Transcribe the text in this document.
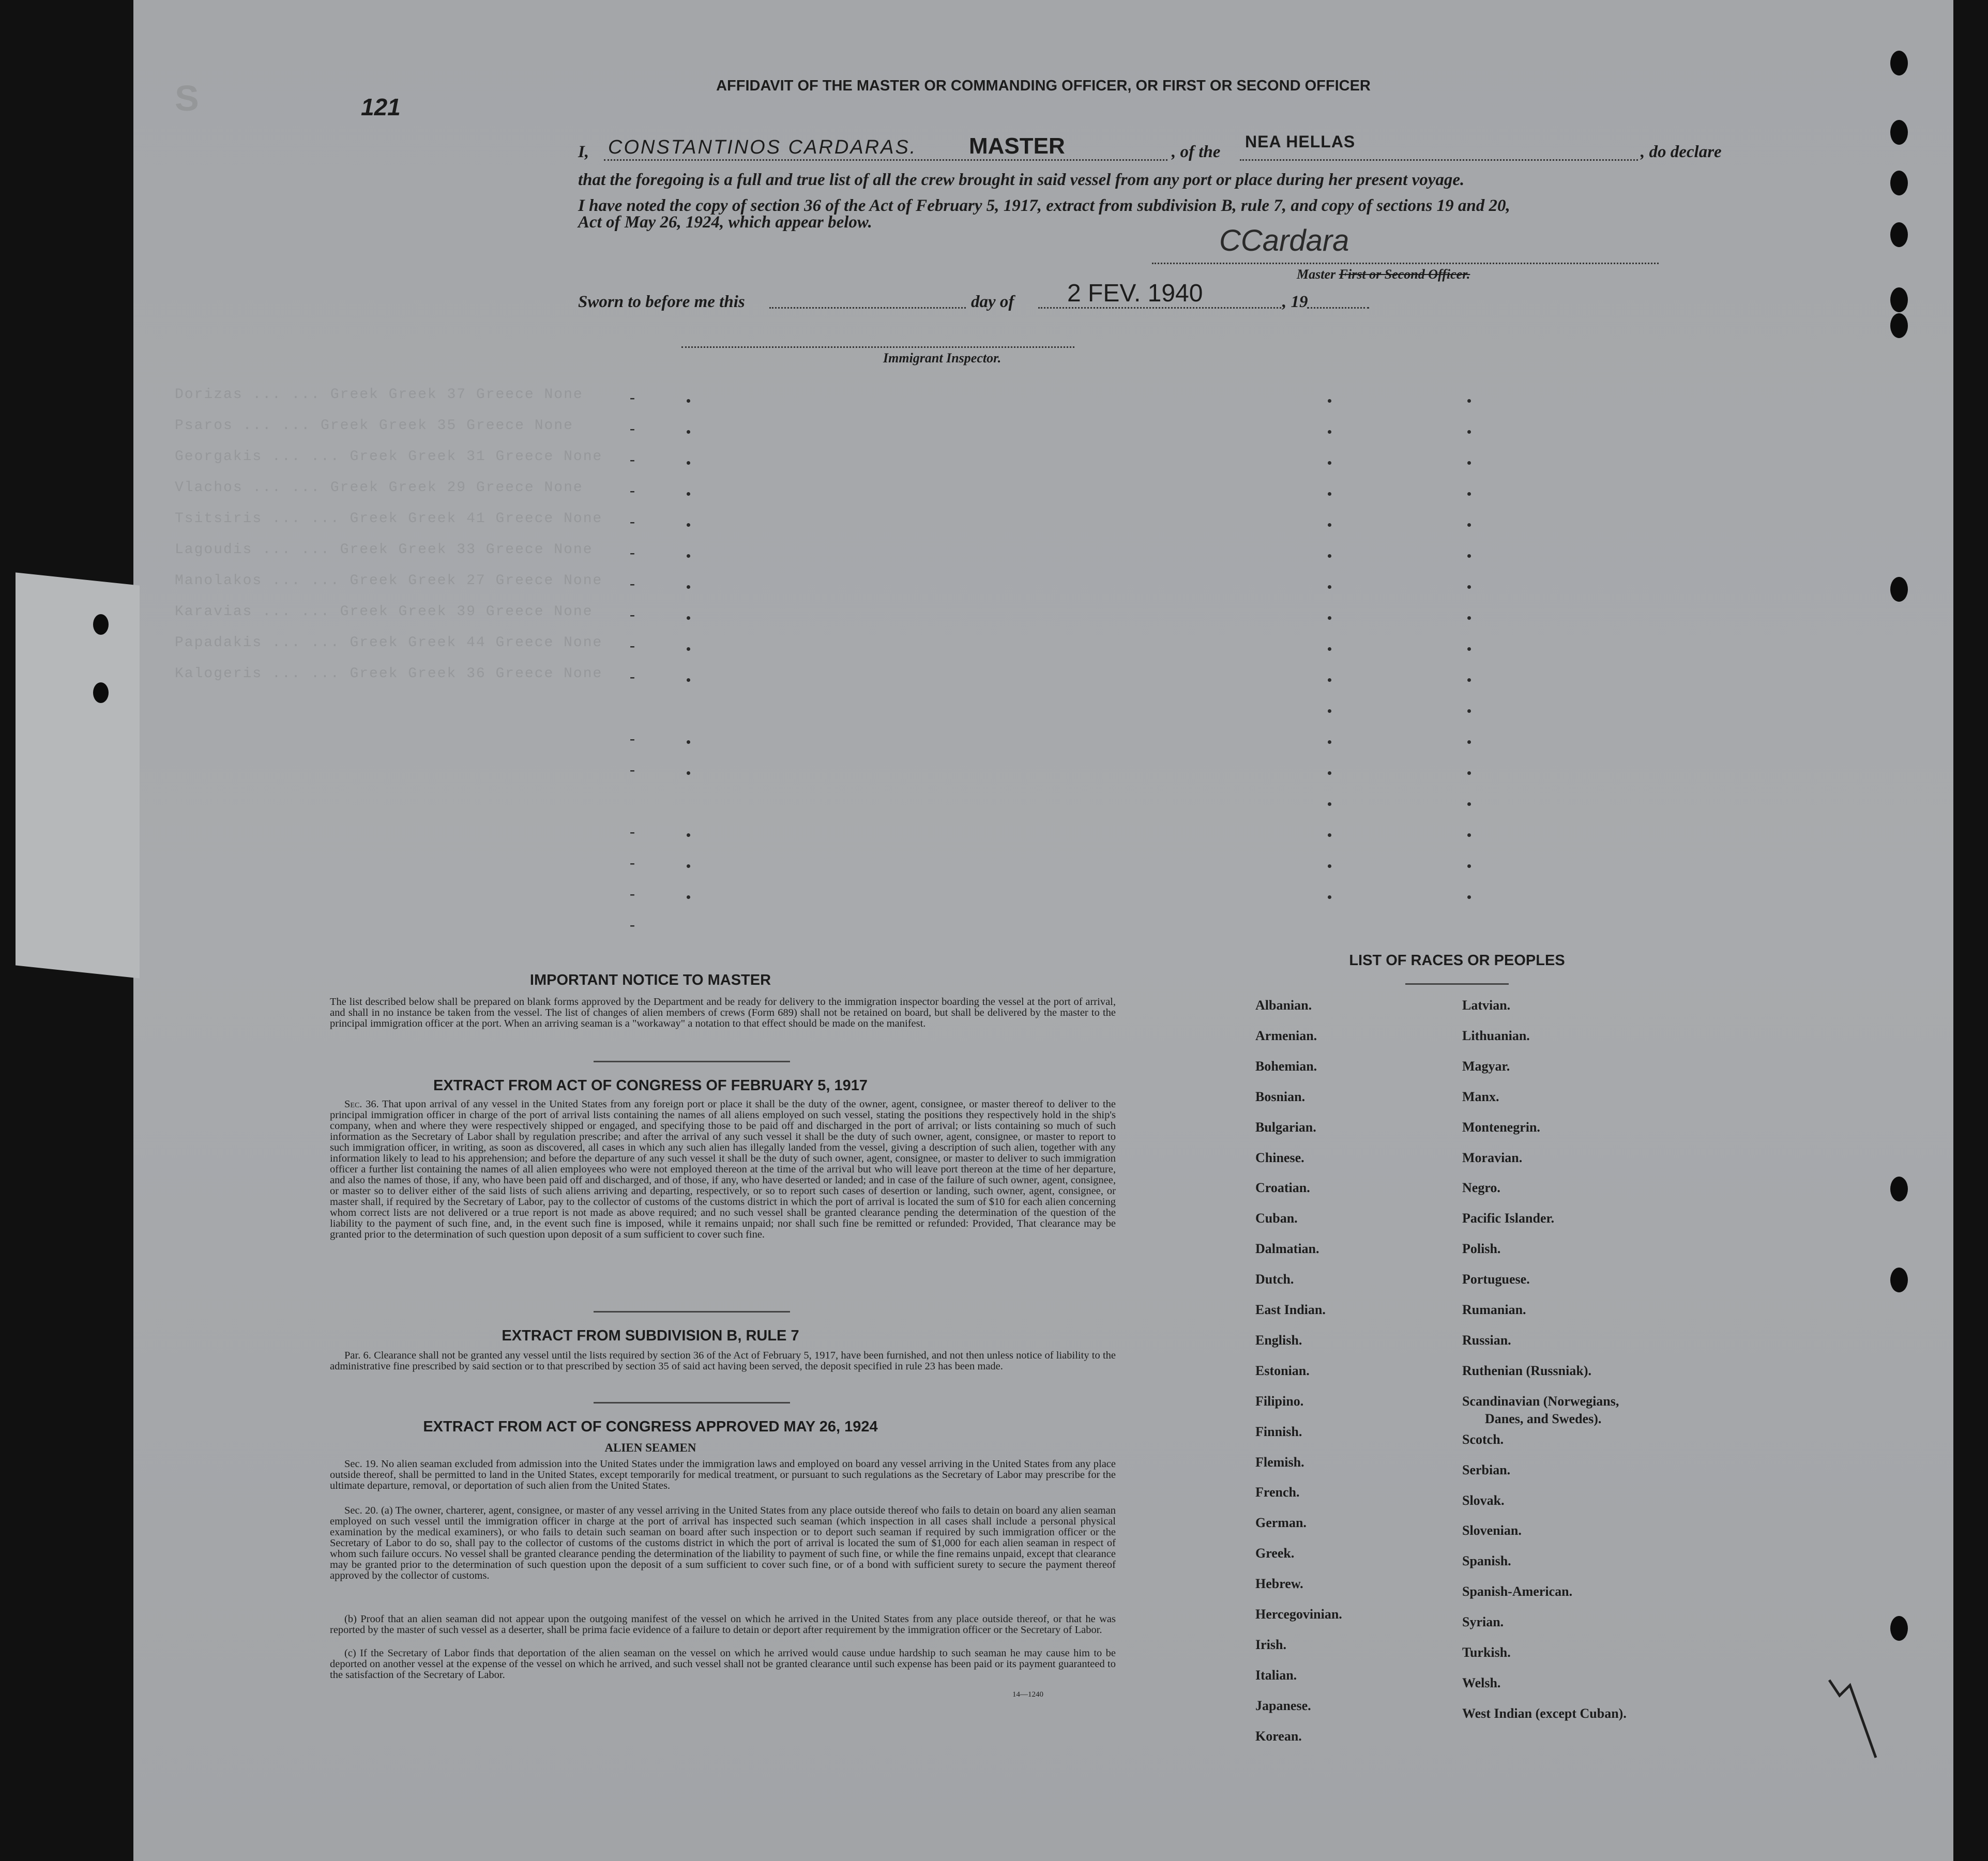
S	121
AFFIDAVIT OF THE MASTER OR COMMANDING OFFICER, OR FIRST OR SECOND OFFICER
I, CONSTANTINOS CARDARAS. MASTER	, of the
NEA HELLAS
, do declare
that the foregoing is a full and true list of all the crew brought in said vessel from any port or place during her present voyage.
I have noted the copy of section 36 of the Act of February 5, 1917, extract from subdivision B, rule 7, and copy of sections 19 and 20,
Act of May 26, 1924, which appear below.
CCardara
Master First or Second Officer.
Sworn to before me this	day of 2 FEV. 1940	, 19
Immigrant Inspector.
Dorizas ... ... Greek Greek 37 Greece None
Psaros ... ... Greek Greek 35 Greece None
Georgakis ... ... Greek Greek 31 Greece None
Vlachos ... ... Greek Greek 29 Greece None
Tsitsiris ... ... Greek Greek 41 Greece None
Lagoudis ... ... Greek Greek 33 Greece None
Manolakos ... ... Greek Greek 27 Greece None
Karavias ... ... Greek Greek 39 Greece None
Papadakis ... ... Greek Greek 44 Greece None
Kalogeris ... ... Greek Greek 36 Greece None
-
-
-
-
-
-
-
-
-
-
-
-
-
-
-
-
IMPORTANT NOTICE TO MASTER
The list described below shall be prepared on blank forms approved by the Department and be ready for delivery to the immigration inspector boarding the vessel at the port of arrival, and shall in no instance be taken from the vessel. The list of changes of alien members of crews (Form 689) shall not be retained on board, but shall be delivered by the master to the principal immigration officer at the port. When an arriving seaman is a "workaway" a notation to that effect should be made on the manifest.
EXTRACT FROM ACT OF CONGRESS OF FEBRUARY 5, 1917
Sec. 36. That upon arrival of any vessel in the United States from any foreign port or place it shall be the duty of the owner, agent, consignee, or master thereof to deliver to the principal immigration officer in charge of the port of arrival lists containing the names of all aliens employed on such vessel, stating the positions they respectively hold in the ship's company, when and where they were respectively shipped or engaged, and specifying those to be paid off and discharged in the port of arrival; or lists containing so much of such information as the Secretary of Labor shall by regulation prescribe; and after the arrival of any such vessel it shall be the duty of such owner, agent, consignee, or master to report to such immigration officer, in writing, as soon as discovered, all cases in which any such alien has illegally landed from the vessel, giving a description of such alien, together with any information likely to lead to his apprehension; and before the departure of any such vessel it shall be the duty of such owner, agent, consignee, or master to deliver to such immigration officer a further list containing the names of all alien employees who were not employed thereon at the time of the arrival but who will leave port thereon at the time of her departure, and also the names of those, if any, who have been paid off and discharged, and of those, if any, who have deserted or landed; and in case of the failure of such owner, agent, consignee, or master so to deliver either of the said lists of such aliens arriving and departing, respectively, or so to report such cases of desertion or landing, such owner, agent, consignee, or master shall, if required by the Secretary of Labor, pay to the collector of customs of the customs district in which the port of arrival is located the sum of $10 for each alien concerning whom correct lists are not delivered or a true report is not made as above required; and no such vessel shall be granted clearance pending the determination of the question of the liability to the payment of such fine, and, in the event such fine is imposed, while it remains unpaid; nor shall such fine be remitted or refunded: Provided, That clearance may be granted prior to the determination of such question upon deposit of a sum sufficient to cover such fine.
EXTRACT FROM SUBDIVISION B, RULE 7
Par. 6. Clearance shall not be granted any vessel until the lists required by section 36 of the Act of February 5, 1917, have been furnished, and not then unless notice of liability to the administrative fine prescribed by said section or to that prescribed by section 35 of said act having been served, the deposit specified in rule 23 has been made.
EXTRACT FROM ACT OF CONGRESS APPROVED MAY 26, 1924
ALIEN SEAMEN
Sec. 19. No alien seaman excluded from admission into the United States under the immigration laws and employed on board any vessel arriving in the United States from any place outside thereof, shall be permitted to land in the United States, except temporarily for medical treatment, or pursuant to such regulations as the Secretary of Labor may prescribe for the ultimate departure, removal, or deportation of such alien from the United States.
Sec. 20. (a) The owner, charterer, agent, consignee, or master of any vessel arriving in the United States from any place outside thereof who fails to detain on board any alien seaman employed on such vessel until the immigration officer in charge at the port of arrival has inspected such seaman (which inspection in all cases shall include a personal physical examination by the medical examiners), or who fails to detain such seaman on board after such inspection or to deport such seaman if required by such immigration officer or the Secretary of Labor to do so, shall pay to the collector of customs of the customs district in which the port of arrival is located the sum of $1,000 for each alien seaman in respect of whom such failure occurs. No vessel shall be granted clearance pending the determination of the liability to payment of such fine, or while the fine remains unpaid, except that clearance may be granted prior to the determination of such question upon the deposit of a sum sufficient to cover such fine, or of a bond with sufficient surety to secure the payment thereof approved by the collector of customs.
(b) Proof that an alien seaman did not appear upon the outgoing manifest of the vessel on which he arrived in the United States from any place outside thereof, or that he was reported by the master of such vessel as a deserter, shall be prima facie evidence of a failure to detain or deport after requirement by the immigration officer or the Secretary of Labor.
(c) If the Secretary of Labor finds that deportation of the alien seaman on the vessel on which he arrived would cause undue hardship to such seaman he may cause him to be deported on another vessel at the expense of the vessel on which he arrived, and such vessel shall not be granted clearance until such expense has been paid or its payment guaranteed to the satisfaction of the Secretary of Labor.
14—1240
LIST OF RACES OR PEOPLES
Albanian.
Armenian.
Bohemian.
Bosnian.
Bulgarian.
Chinese.
Croatian.
Cuban.
Dalmatian.
Dutch.
East Indian.
English.
Estonian.
Filipino.
Finnish.
Flemish.
French.
German.
Greek.
Hebrew.
Hercegovinian.
Irish.
Italian.
Japanese.
Korean.
Latvian.
Lithuanian.
Magyar.
Manx.
Montenegrin.
Moravian.
Negro.
Pacific Islander.
Polish.
Portuguese.
Rumanian.
Russian.
Ruthenian (Russniak).
Scandinavian (Norwegians,
Danes, and Swedes).
Scotch.
Serbian.
Slovak.
Slovenian.
Spanish.
Spanish-American.
Syrian.
Turkish.
Welsh.
West Indian (except Cuban).
